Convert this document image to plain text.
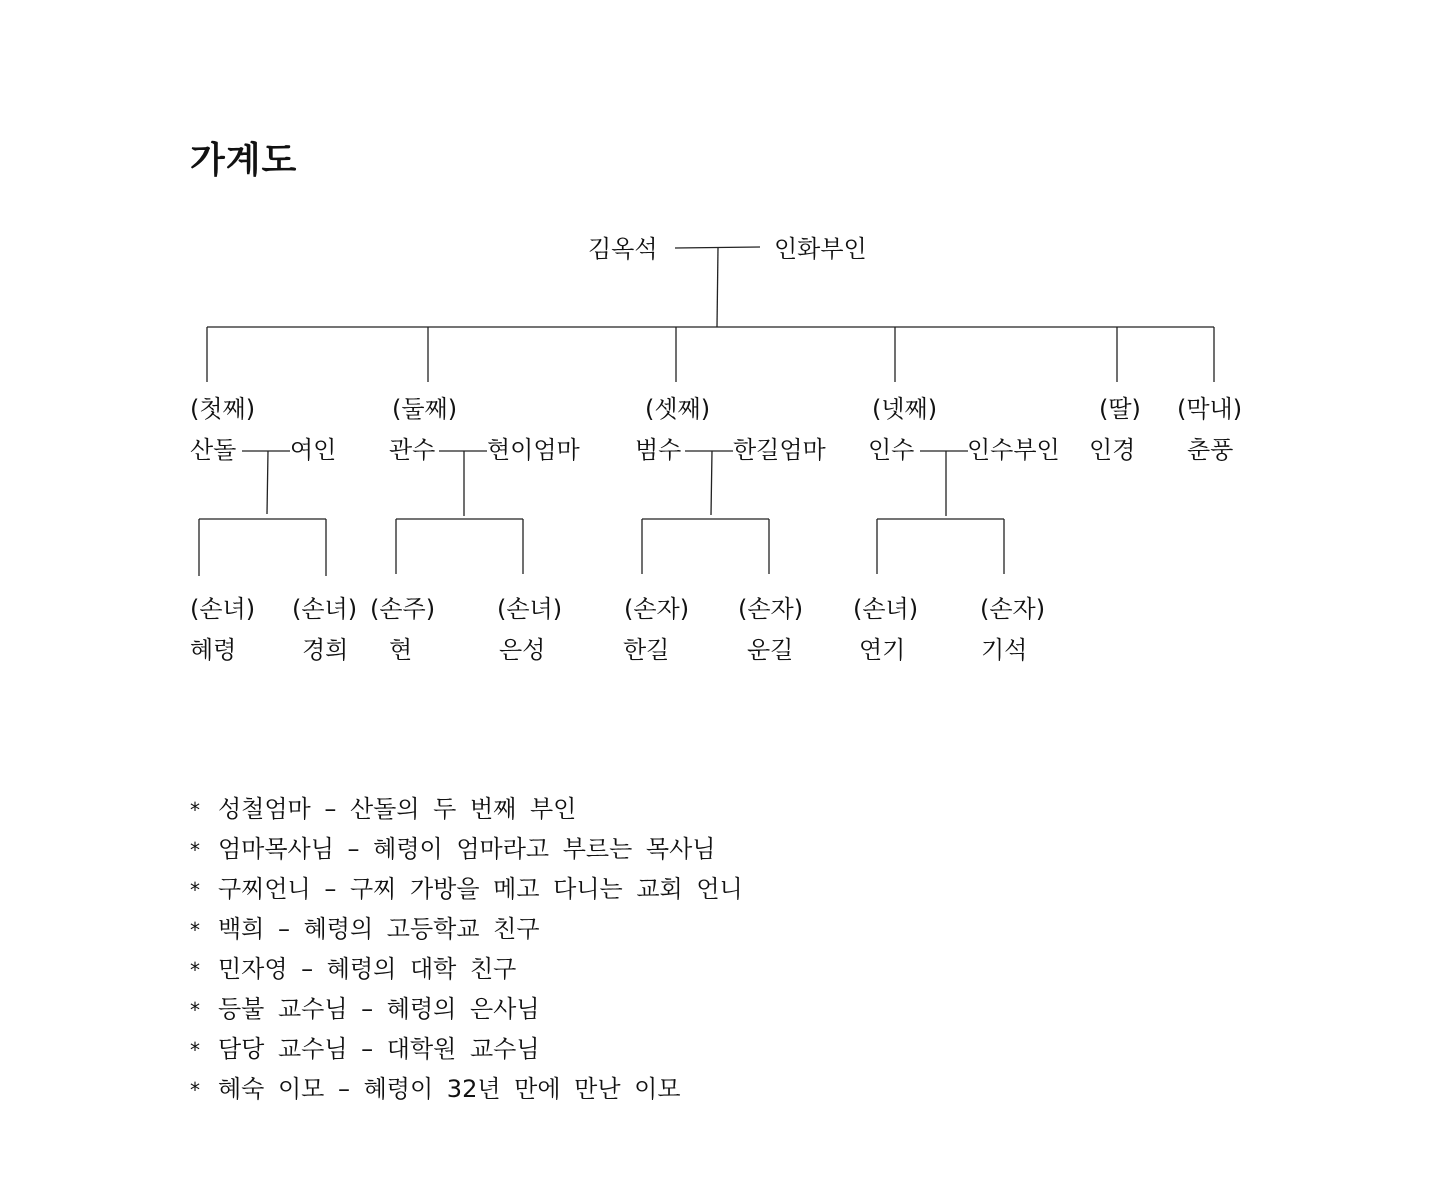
가계도
김옥석	인화부인
(첫째)	(둘째)	(셋째)	(넷째)	(딸) (막내)
산돌 여인 관수 현이엄마 범수 한길엄마 인수 인수부인 인경 춘풍
(손녀) (손녀) (손주)	(손녀)	(손자) (손자) (손녀)	(손자)
혜령	경희 현	은성	한길	운길	연기	기석
* 성철엄마 – 산돌의 두 번째 부인
* 엄마목사님 – 혜령이 엄마라고 부르는 목사님
* 구찌언니 – 구찌 가방을 메고 다니는 교회 언니
* 백희 – 혜령의 고등학교 친구
* 민자영 – 혜령의 대학 친구
* 등불 교수님 – 혜령의 은사님
* 담당 교수님 – 대학원 교수님
* 혜숙 이모 – 혜령이 32년 만에 만난 이모
